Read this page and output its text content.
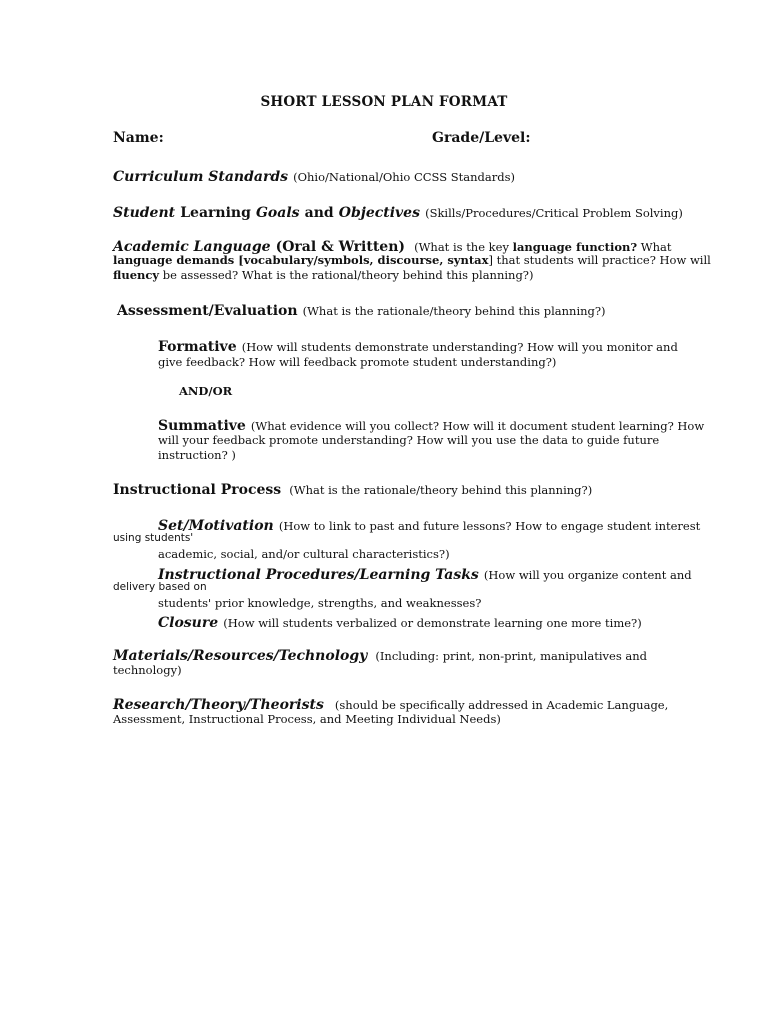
SHORT LESSON PLAN FORMAT
Name:	Grade/Level:
Curriculum Standards (Ohio/National/Ohio CCSS Standards)
Student Learning Goals and Objectives (Skills/Procedures/Critical Problem Solving)
Academic Language (Oral & Written) (What is the key language function? What
language demands [vocabulary/symbols, discourse, syntax] that students will practice? How will
fluency be assessed? What is the rational/theory behind this planning?)
Assessment/Evaluation (What is the rationale/theory behind this planning?)
Formative (How will students demonstrate understanding? How will you monitor and
give feedback? How will feedback promote student understanding?)
AND/OR
Summative (What evidence will you collect? How will it document student learning? How
will your feedback promote understanding? How will you use the data to guide future
instruction? )
Instructional Process (What is the rationale/theory behind this planning?)
Set/Motivation (How to link to past and future lessons? How to engage student interest
using students'
academic, social, and/or cultural characteristics?)
Instructional Procedures/Learning Tasks (How will you organize content and
delivery based on
students' prior knowledge, strengths, and weaknesses?
Closure (How will students verbalized or demonstrate learning one more time?)
Materials/Resources/Technology (Including: print, non-print, manipulatives and
technology)
Research/Theory/Theorists (should be specifically addressed in Academic Language,
Assessment, Instructional Process, and Meeting Individual Needs)
